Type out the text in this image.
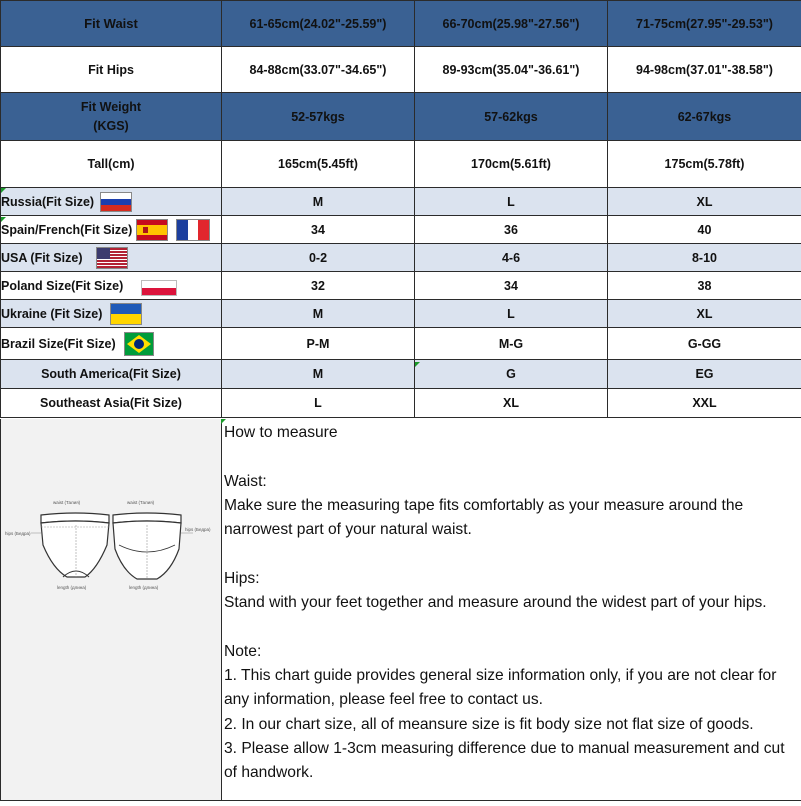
Fit Waist	61-65cm(24.02"-25.59")	66-70cm(25.98"-27.56")	71-75cm(27.95"-29.53")
Fit Hips	84-88cm(33.07"-34.65")	89-93cm(35.04"-36.61")	94-98cm(37.01"-38.58")

Fit Weight
(KGS)	52-57kgs	57-62kgs	62-67kgs
Tall(cm)	165cm(5.45ft)	170cm(5.61ft)	175cm(5.78ft)

Russia(Fit Size)	M	L	XL

Spain/French(Fit Size)	34	36	40

USA (Fit Size)	0-2	4-6	8-10

Poland Size(Fit Size)	32	34	38

Ukraine (Fit Size)	M	L	XL

Brazil Size(Fit Size)	P-M	M-G	G-GG
South America(Fit Size)	M	G	EG
Southeast Asia(Fit Size)	L	XL	XXL
waist (Талия)
hips (Бедра)
length (длина)
waist (Талия)
hips (Бедра)
length (длина)

How to measure

Waist:

Make sure the measuring tape fits comfortably as your measure around the narrowest part of your natural waist.

Hips:

Stand with your feet together and measure around the widest part of your hips.

Note:

1. This chart guide provides general size information only, if you are not clear for any information, please feel free to contact us.

2. In our chart size, all of meansure size is fit body size not flat size of goods.

3. Please allow 1-3cm measuring difference due to manual measurement and cut of handwork.
